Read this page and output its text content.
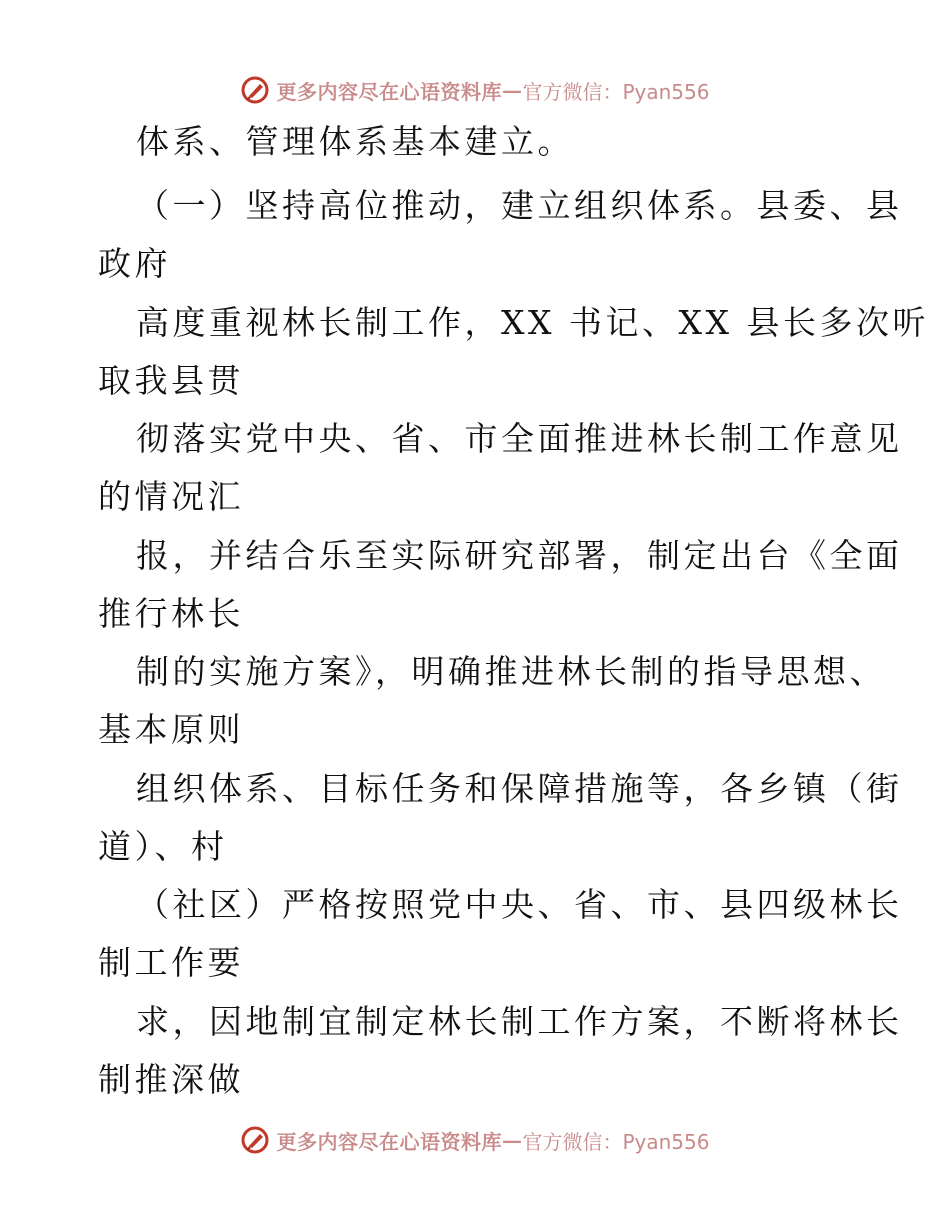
更多内容尽在心语资料库 — 官方微信：Pyan556
体系、管理体系基本建立。
（一）坚持高位推动，建立组织体系。县委、县
政府
高度重视林长制工作，XX 书记、XX 县长多次听
取我县贯
彻落实党中央、省、市全面推进林长制工作意见
的情况汇
报，并结合乐至实际研究部署，制定出台《全面
推行林长
制的实施方案》，明确推进林长制的指导思想、
基本原则
组织体系、目标任务和保障措施等，各乡镇（街
道）、村
（社区）严格按照党中央、省、市、县四级林长
制工作要
求，因地制宜制定林长制工作方案，不断将林长
制推深做
更多内容尽在心语资料库 — 官方微信：Pyan556
